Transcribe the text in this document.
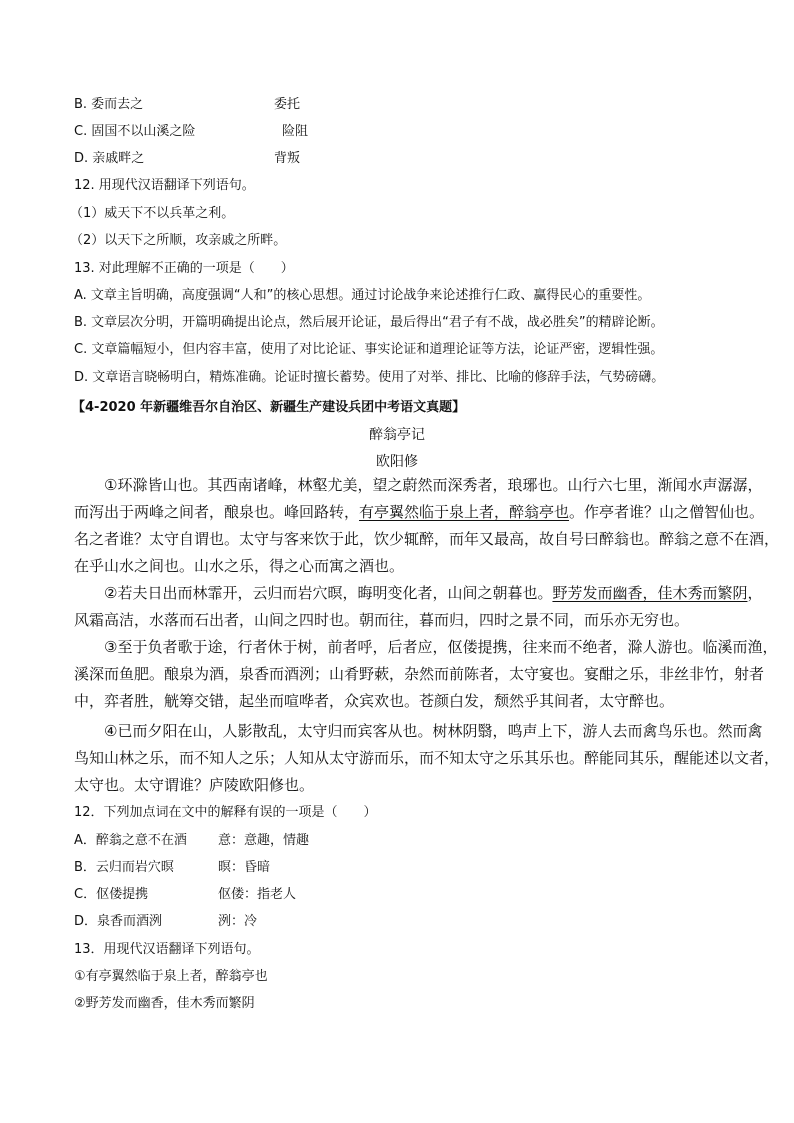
B. 委而去之	委托
C. 固国不以山溪之险	险阻
D. 亲戚畔之	背叛
12. 用现代汉语翻译下列语句。
（1）威天下不以兵革之利。
（2）以天下之所顺，攻亲戚之所畔。
13. 对此理解不正确的一项是（　　）
A. 文章主旨明确，高度强调“人和”的核心思想。通过讨论战争来论述推行仁政、赢得民心的重要性。
B. 文章层次分明，开篇明确提出论点，然后展开论证，最后得出“君子有不战，战必胜矣”的精辟论断。
C. 文章篇幅短小，但内容丰富，使用了对比论证、事实论证和道理论证等方法，论证严密，逻辑性强。
D. 文章语言晓畅明白，精炼准确。论证时擅长蓄势。使用了对举、排比、比喻的修辞手法，气势磅礴。
【4-2020 年新疆维吾尔自治区、新疆生产建设兵团中考语文真题】
醉翁亭记
欧阳修
①环滁皆山也。其西南诸峰，林壑尤美，望之蔚然而深秀者，琅琊也。山行六七里，渐闻水声潺潺，
而泻出于两峰之间者，酿泉也。峰回路转，有亭翼然临于泉上者，醉翁亭也。作亭者谁？山之僧智仙也。
名之者谁？太守自谓也。太守与客来饮于此，饮少辄醉，而年又最高，故自号曰醉翁也。醉翁之意不在酒，
在乎山水之间也。山水之乐，得之心而寓之酒也。
②若夫日出而林霏开，云归而岩穴暝，晦明变化者，山间之朝暮也。野芳发而幽香，佳木秀而繁阴，
风霜高洁，水落而石出者，山间之四时也。朝而往，暮而归，四时之景不同，而乐亦无穷也。
③至于负者歌于途，行者休于树，前者呼，后者应，伛偻提携，往来而不绝者，滁人游也。临溪而渔，
溪深而鱼肥。酿泉为酒，泉香而酒洌；山肴野蔌，杂然而前陈者，太守宴也。宴酣之乐，非丝非竹，射者
中，弈者胜，觥筹交错，起坐而喧哗者，众宾欢也。苍颜白发，颓然乎其间者，太守醉也。
④已而夕阳在山，人影散乱，太守归而宾客从也。树林阴翳，鸣声上下，游人去而禽鸟乐也。然而禽
鸟知山林之乐，而不知人之乐；人知从太守游而乐，而不知太守之乐其乐也。醉能同其乐，醒能述以文者，
太守也。太守谓谁？庐陵欧阳修也。
12．下列加点词在文中的解释有误的一项是（　　）
A．醉翁之意不在酒 意：意趣，情趣
B．云归而岩穴暝	暝：昏暗
C．伛偻提携	伛偻：指老人
D．泉香而酒洌	洌：冷
13．用现代汉语翻译下列语句。
①有亭翼然临于泉上者，醉翁亭也
②野芳发而幽香，佳木秀而繁阴
